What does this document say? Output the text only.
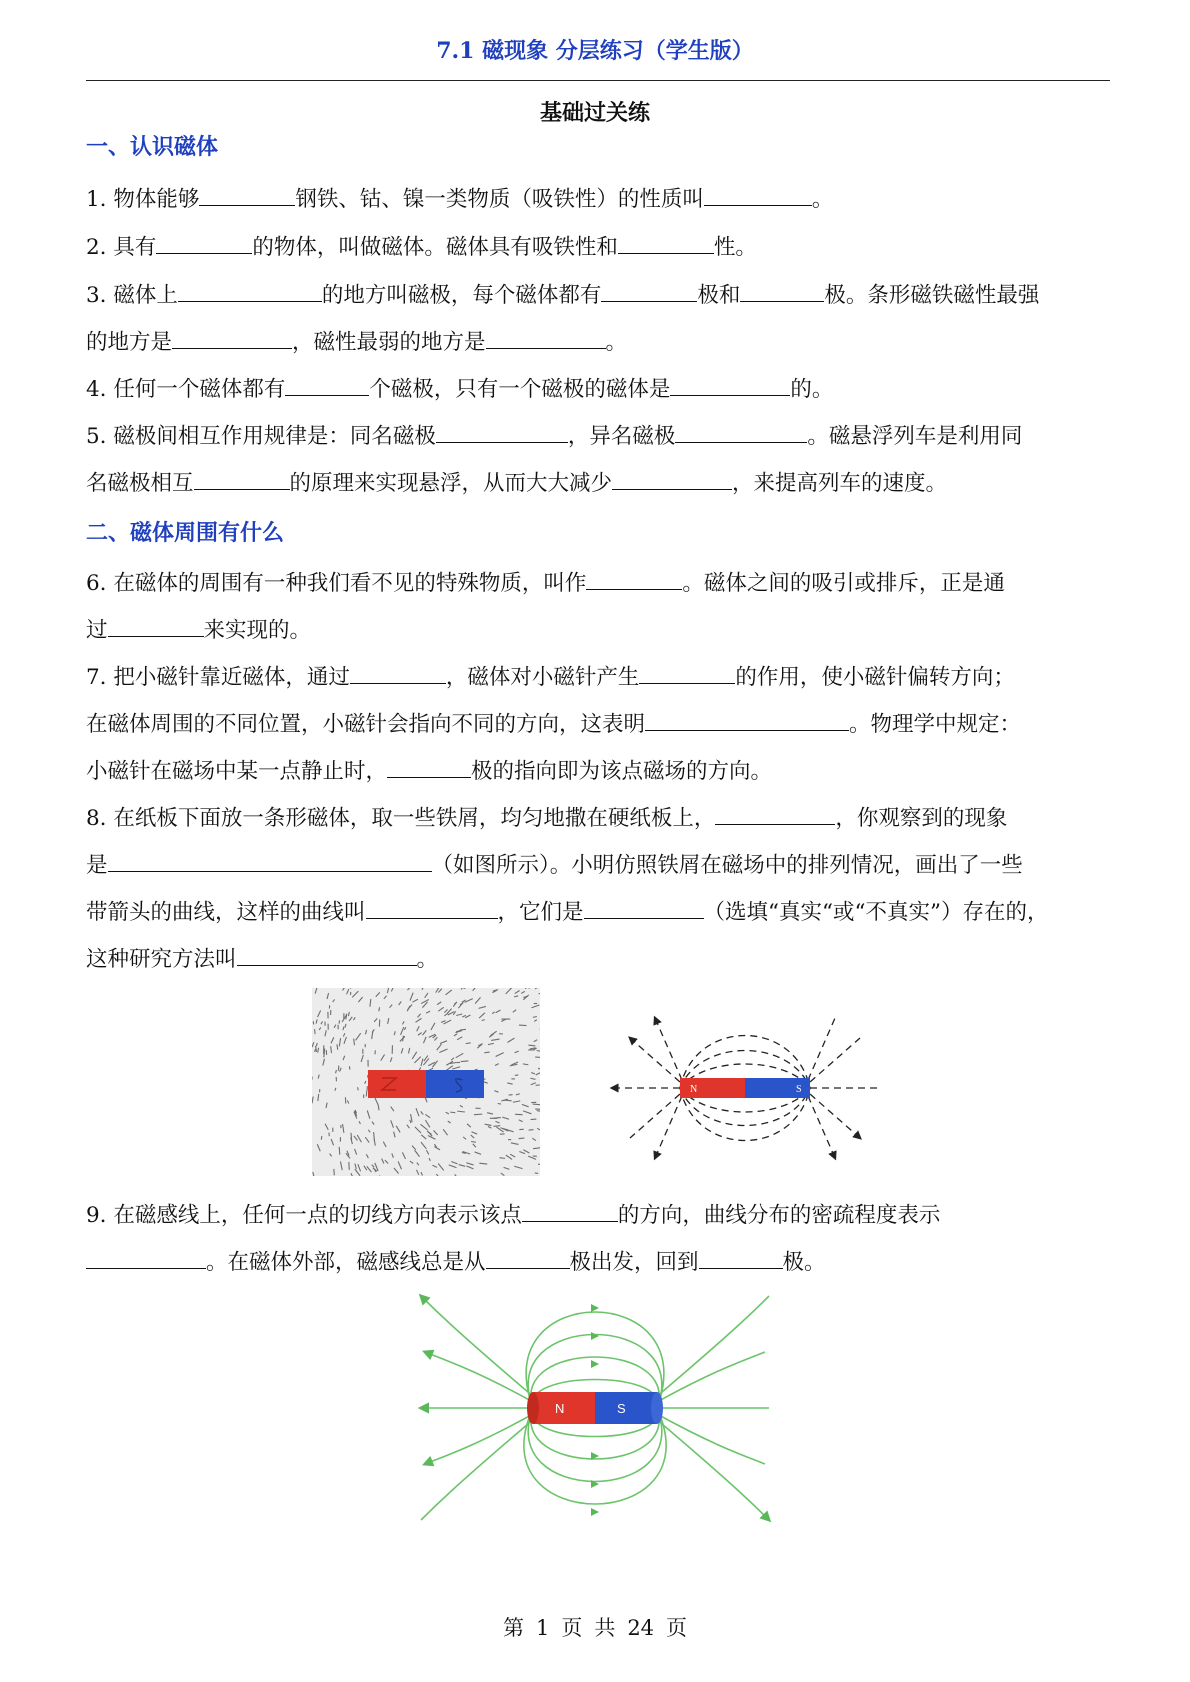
7.1 磁现象 分层练习（学生版）
基础过关练
一、认识磁体
1. 物体能够	钢铁、钴、镍一类物质（吸铁性）的性质叫	。
2. 具有	的物体，叫做磁体。磁体具有吸铁性和	性。
3. 磁体上	的地方叫磁极，每个磁体都有	极和	极。条形磁铁磁性最强
的地方是	，磁性最弱的地方是	。
4. 任何一个磁体都有	个磁极，只有一个磁极的磁体是	的。
5. 磁极间相互作用规律是：同名磁极	，异名磁极	。磁悬浮列车是利用同
名磁极相互	的原理来实现悬浮，从而大大减少	，来提高列车的速度。
二、磁体周围有什么
6. 在磁体的周围有一种我们看不见的特殊物质，叫作	。磁体之间的吸引或排斥，正是通
过	来实现的。
7. 把小磁针靠近磁体，通过	，磁体对小磁针产生	的作用，使小磁针偏转方向；
在磁体周围的不同位置，小磁针会指向不同的方向，这表明	。物理学中规定：
小磁针在磁场中某一点静止时，	极的指向即为该点磁场的方向。
8. 在纸板下面放一条形磁体，取一些铁屑，均匀地撒在硬纸板上，	，你观察到的现象
是	（如图所示）。小明仿照铁屑在磁场中的排列情况，画出了一些
带箭头的曲线，这样的曲线叫	，它们是	（选填“真实“或“不真实”）存在的，
这种研究方法叫	。
N	S
9. 在磁感线上，任何一点的切线方向表示该点	的方向，曲线分布的密疏程度表示
。在磁体外部，磁感线总是从	极出发，回到	极。
N	S
第 1 页 共 24 页
